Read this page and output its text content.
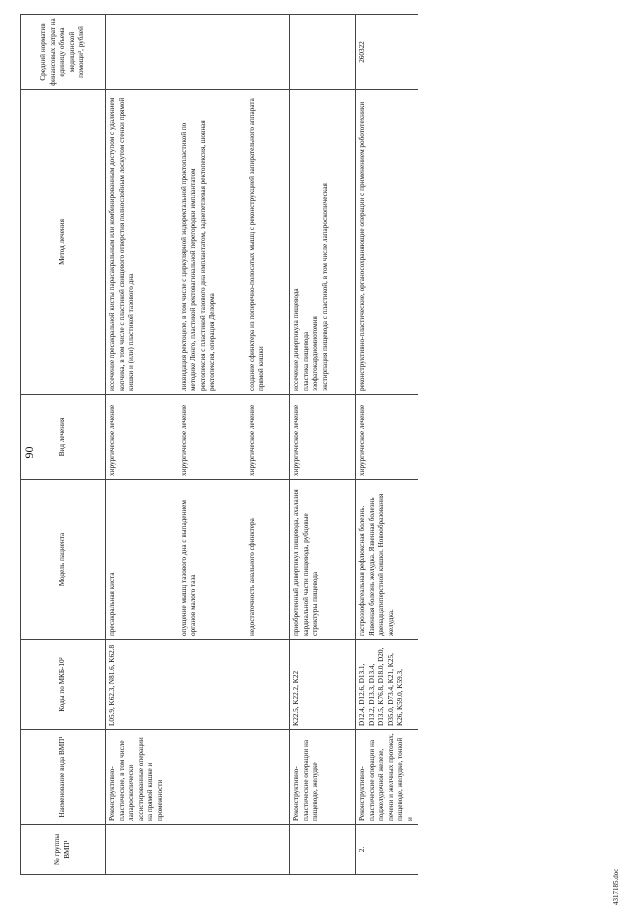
90
№ группы ВМП¹	Наименование вида ВМП¹	Коды по МКБ-10²	Модель пациента	Вид лечения	Метод лечения	Средний норматив финансовых затрат на единицу объема медицинской помощи³, рублей
	Реконструктивно-пластические, в том числе лапароскопически ассистированные операции на прямой кишке и промежности	L05.9, K62.3, N81.6, K62.8	пресакральная киста	хирургическое лечение	иссечение пресакральной кисты парасакральным или комбинированным доступом с удалением копчика, в том числе с пластикой свищевого отверстия полнослойным лоскутом стенки прямой кишки и (или) пластикой тазового дна	

			опущение мышц тазового дна с выпадением органов малого таза	хирургическое лечение	ликвидация ректоцеле, в том числе с циркулярной эндоректальной проктопластикой по методике Лонго, пластикой ректовагинальной перегородки имплантатом ректопексия с пластикой тазового дна имплантатом, заднепетлевая ректопексия, шовная ректопексия, операция Делорма	

			недостаточность анального сфинктера	хирургическое лечение	создание сфинктера из поперечно-полосатых мышц с реконструкцией запирательного аппарата прямой кишки	

	Реконструктивно-пластические операции на пищеводе, желудке	K22.5, K22.2, K22	приобретенный дивертикул пищевода, ахалазия кардиальной части пищевода, рубцовые стриктуры пищевода	хирургическое лечение	иссечение дивертикула пищевода пластика пищевода эзофагокардиомиотомия экстирпация пищевода с пластикой, в том числе лапароскопическая	

2.	Реконструктивно-пластические операции на поджелудочной железе, печени и желчных протоках, пищеводе, желудке, тонкой и	D12.4, D12.6, D13.1, D13.2, D13.3, D13.4, D13.5, K76.8, D18.0, D20, D35.0, D73.4, K21, K25, K26, K59.0, K59.3,	гастроэзофагеальная рефлюксная болезнь. Язвенная болезнь желудка. Язвенная болезнь двенадцатиперстной кишки. Новообразования желудка.	хирургическое лечение	реконструктивно-пластические, органосохраняющие операции с применением робототехники	260322
4317185.doc
